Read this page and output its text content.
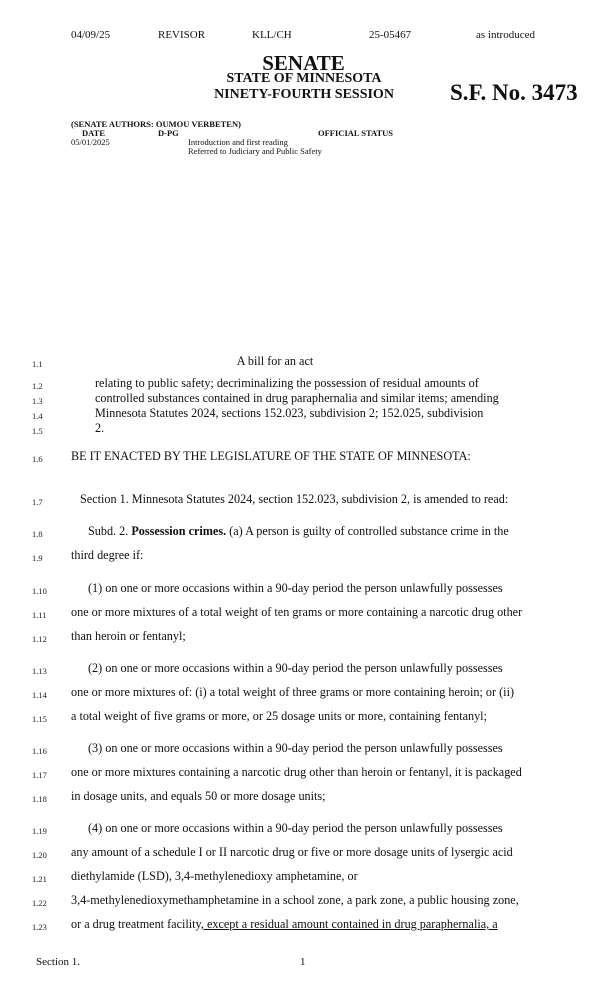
04/09/25	REVISOR	KLL/CH	25-05467	as introduced
SENATE
STATE OF MINNESOTA
NINETY-FOURTH SESSION S.F. No. 3473
(SENATE AUTHORS: OUMOU VERBETEN)
DATE	D-PG	OFFICIAL STATUS
05/01/2025	Introduction and first reading
Referred to Judiciary and Public Safety
1.1	A bill for an act
1.2	relating to public safety; decriminalizing the possession of residual amounts of
1.3	controlled substances contained in drug paraphernalia and similar items; amending
1.4	Minnesota Statutes 2024, sections 152.023, subdivision 2; 152.025, subdivision
1.5	2.
1.6 BE IT ENACTED BY THE LEGISLATURE OF THE STATE OF MINNESOTA:
1.7	Section 1. Minnesota Statutes 2024, section 152.023, subdivision 2, is amended to read:
1.8	Subd. 2. Possession crimes. (a) A person is guilty of controlled substance crime in the
1.9 third degree if:
1.10	(1) on one or more occasions within a 90-day period the person unlawfully possesses
1.11 one or more mixtures of a total weight of ten grams or more containing a narcotic drug other
1.12 than heroin or fentanyl;
1.13	(2) on one or more occasions within a 90-day period the person unlawfully possesses
1.14 one or more mixtures of: (i) a total weight of three grams or more containing heroin; or (ii)
1.15 a total weight of five grams or more, or 25 dosage units or more, containing fentanyl;
1.16	(3) on one or more occasions within a 90-day period the person unlawfully possesses
1.17 one or more mixtures containing a narcotic drug other than heroin or fentanyl, it is packaged
1.18 in dosage units, and equals 50 or more dosage units;
1.19	(4) on one or more occasions within a 90-day period the person unlawfully possesses
1.20 any amount of a schedule I or II narcotic drug or five or more dosage units of lysergic acid
1.21 diethylamide (LSD), 3,4-methylenedioxy amphetamine, or
1.22 3,4-methylenedioxymethamphetamine in a school zone, a park zone, a public housing zone,
1.23 or a drug treatment facility, except a residual amount contained in drug paraphernalia, a
Section 1.	1
